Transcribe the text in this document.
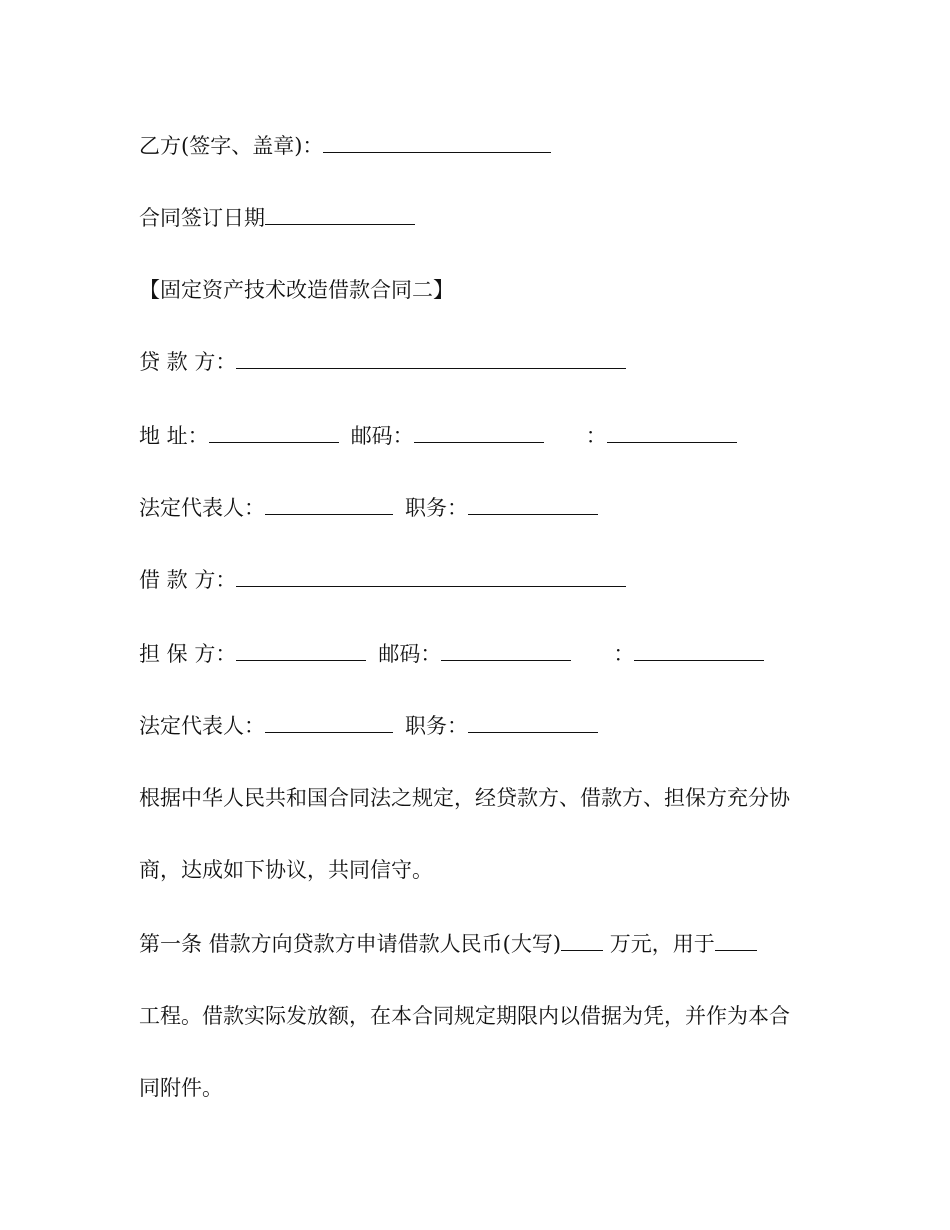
乙方(签字、盖章)：
合同签订日期
【固定资产技术改造借款合同二】
贷 款 方：
地 址：	邮码：	：
法定代表人：	职务：
借 款 方：
担 保 方：	邮码：	：
法定代表人：	职务：
根据中华人民共和国合同法之规定，经贷款方、借款方、担保方充分协
商，达成如下协议，共同信守。
第一条 借款方向贷款方申请借款人民币(大写) 万元，用于
工程。借款实际发放额，在本合同规定期限内以借据为凭，并作为本合
同附件。
